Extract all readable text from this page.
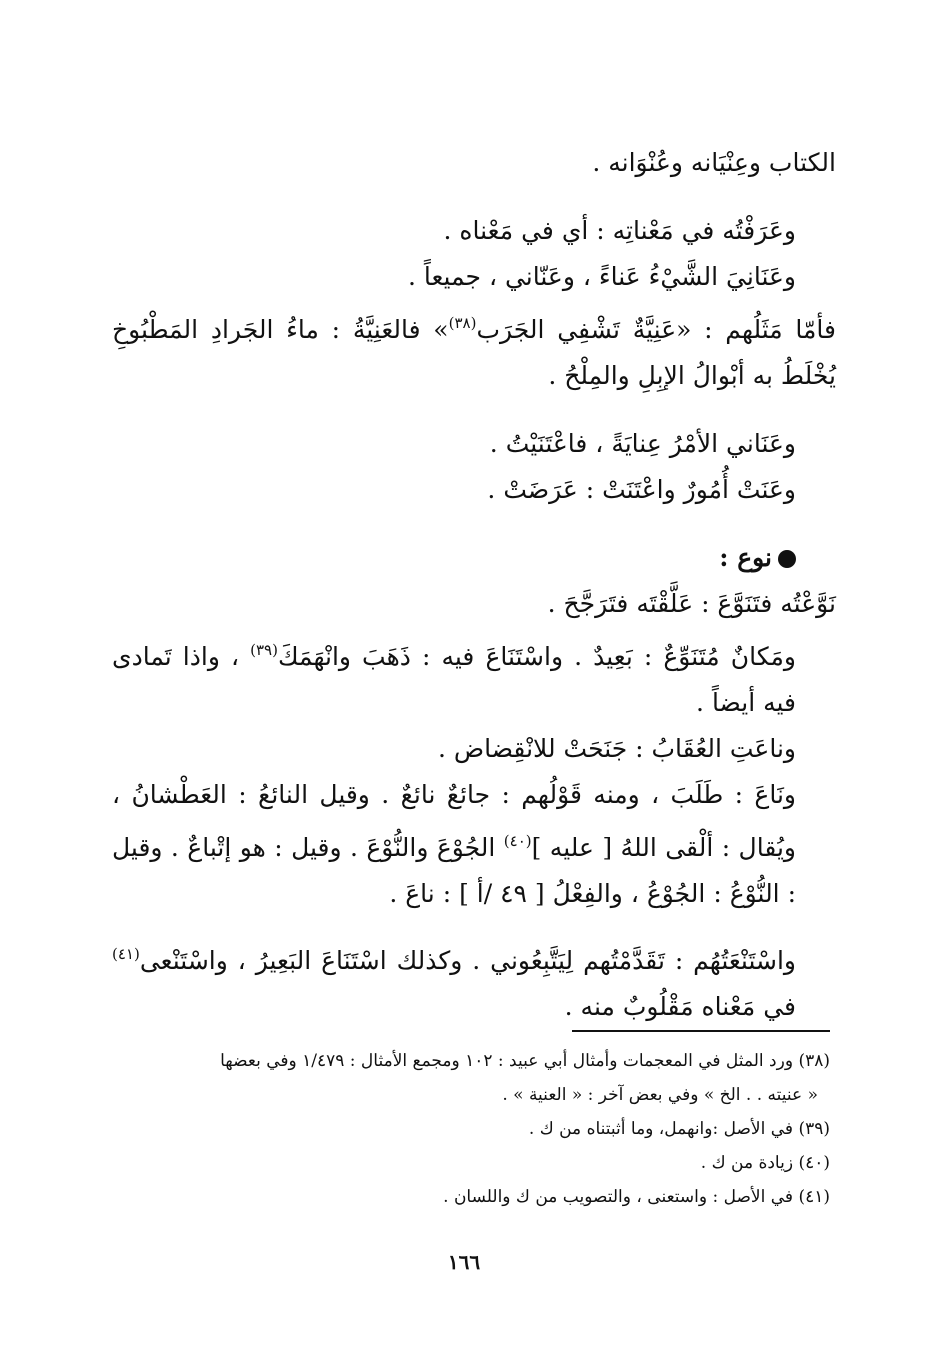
الكتاب وعِنْيَانه وعُنْوَانه .

وعَرَفْتُه في مَعْناتِه : أي في مَعْناه .

وعَنَانِيَ الشَّيْءُ عَناءً ، وعَنّاني ، جميعاً .

فأمّا مَثَلُهم : «عَنِيَّةٌ تَشْفِي الجَرَب$^{(٣٨)}$» فالعَنِيَّةُ : ماءُ الجَرادِ المَطْبُوخِ يُخْلَطُ به أبْوالُ الإبِلِ والمِلْحُ .

وعَنَاني الأمْرُ عِنايَةً ، فاعْتَنَيْتُ .

وعَنَتْ أُمُورٌ واعْتَنَتْ : عَرَضَتْ .

نوع :

نَوَّعْتُه فتَنَوَّعَ : عَلَّقْتَه فتَرَجَّحَ .

ومَكانٌ مُتَنَوِّعٌ : بَعِيدٌ . واسْتَنَاعَ فيه : ذَهَبَ وانْهَمَكَ$^{(٣٩)}$ ، واذا تَمادى فيه أيضاً .

وناعَتِ العُقَابُ : جَنَحَتْ للانْقِضاض .

ونَاعَ : طَلَبَ ، ومنه قَوْلُهم : جائعٌ نائعٌ . وقيل النائعُ : العَطْشانُ ، ويُقال : ألْقى اللهُ [ عليه ]$^{(٤٠)}$ الجُوْعَ والنُّوْعَ . وقيل : هو إتْباعٌ . وقيل : النُّوْعُ : الجُوْعُ ، والفِعْلُ [ ٤٩ /أ ] : ناعَ .

واسْتَنْعَتُهُم : تَقَدَّمْتُهم لِيَتَّبِعُوني . وكذلك اسْتَنَاعَ البَعِيرُ ، واسْتَنْعى$^{(٤١)}$ في مَعْناه مَقْلُوبٌ منه .

(٣٨) ورد المثل في المعجمات وأمثال أبي عبيد : ١٠٢ ومجمع الأمثال : ١/٤٧٩ وفي بعضها

« عنيته . . الخ » وفي بعض آخر : « العنية » .

(٣٩) في الأصل :وانهمل، وما أثبتناه من ك .

(٤٠) زيادة من ك .

(٤١) في الأصل : واستعنى ، والتصويب من ك واللسان .

١٦٦
